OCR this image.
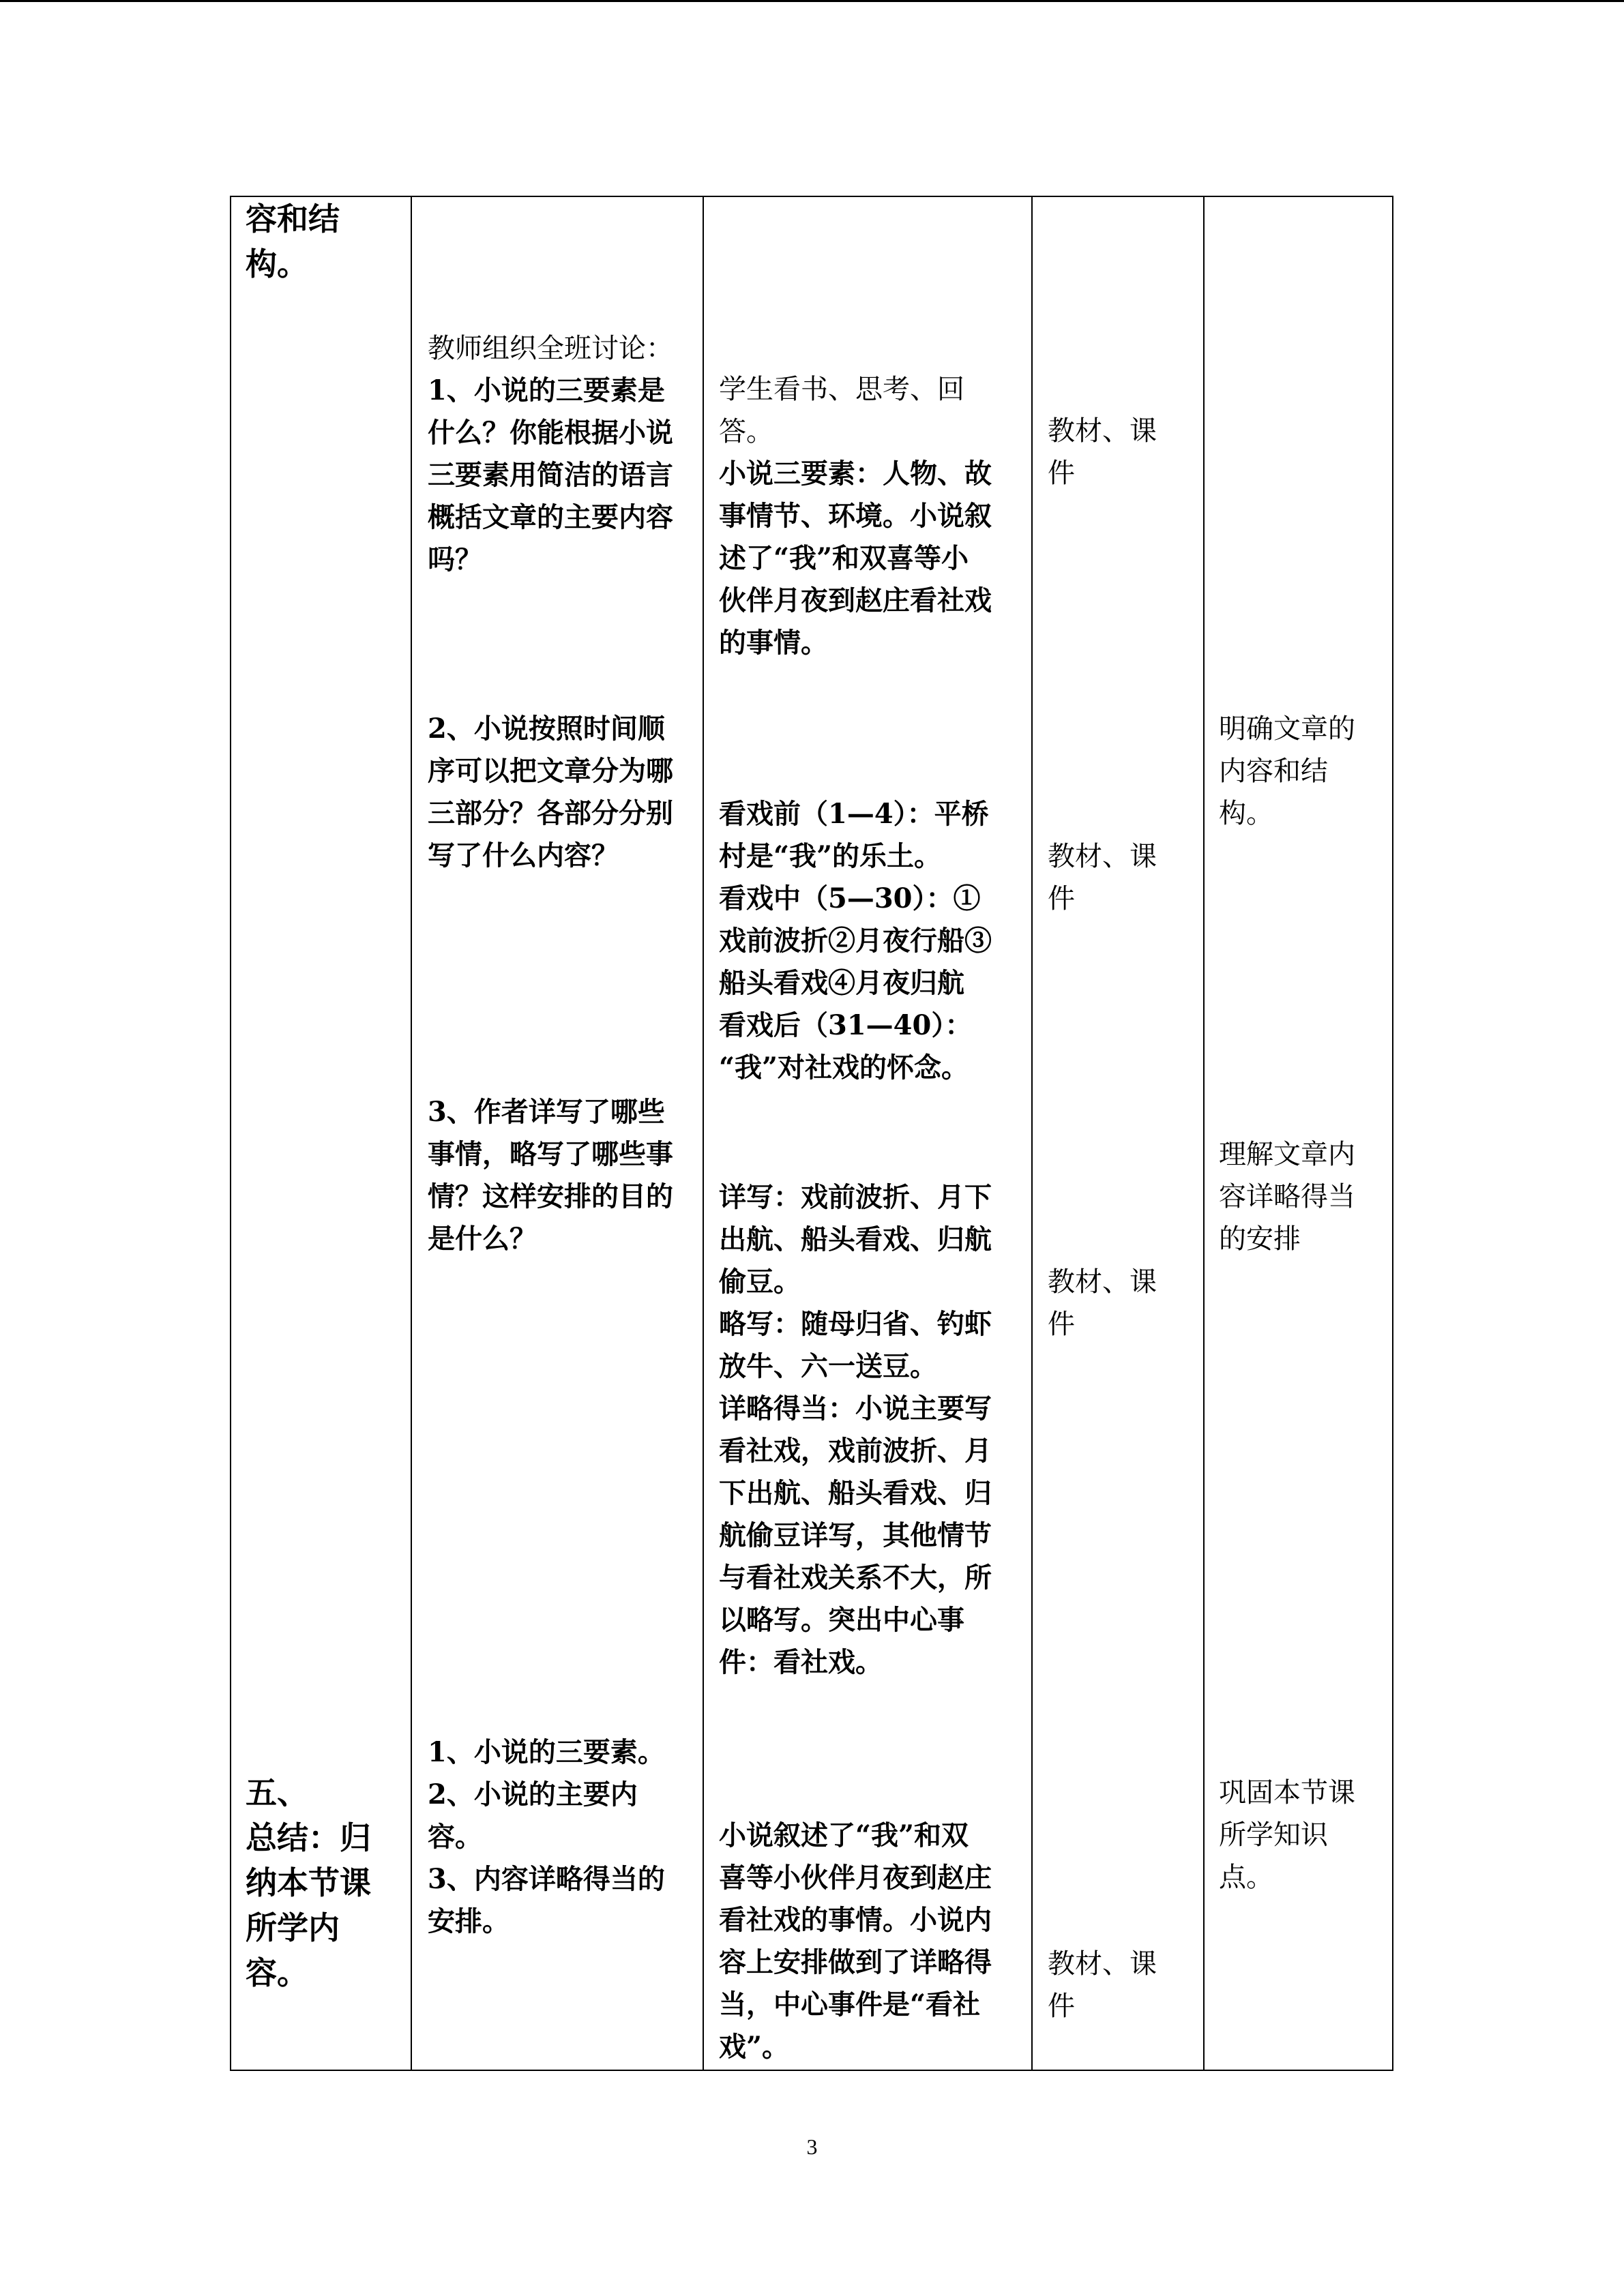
容和结
构。
五、
总结：归
纳本节课
所学内
容。
教师组织全班讨论：
1、小说的三要素是
什么？你能根据小说
三要素用简洁的语言
概括文章的主要内容
吗？
2、小说按照时间顺
序可以把文章分为哪
三部分？各部分分别
写了什么内容？
3、作者详写了哪些
事情，略写了哪些事
情？这样安排的目的
是什么？
1、小说的三要素。
2、小说的主要内
容。
3、内容详略得当的
安排。
学生看书、思考、回
答。
小说三要素：人物、故
事情节、环境。小说叙
述了“我”和双喜等小
伙伴月夜到赵庄看社戏
的事情。
看戏前（1—4）：平桥
村是“我”的乐土。
看戏中（5—30）：①
戏前波折②月夜行船③
船头看戏④月夜归航
看戏后（31—40）：
“我”对社戏的怀念。
详写：戏前波折、月下
出航、船头看戏、归航
偷豆。
略写：随母归省、钓虾
放牛、六一送豆。
详略得当：小说主要写
看社戏，戏前波折、月
下出航、船头看戏、归
航偷豆详写，其他情节
与看社戏关系不大，所
以略写。突出中心事
件：看社戏。
小说叙述了“我”和双
喜等小伙伴月夜到赵庄
看社戏的事情。小说内
容上安排做到了详略得
当，中心事件是“看社
戏”。
教材、课
件
教材、课
件
教材、课
件
教材、课
件
明确文章的
内容和结
构。
理解文章内
容详略得当
的安排
巩固本节课
所学知识
点。
3
